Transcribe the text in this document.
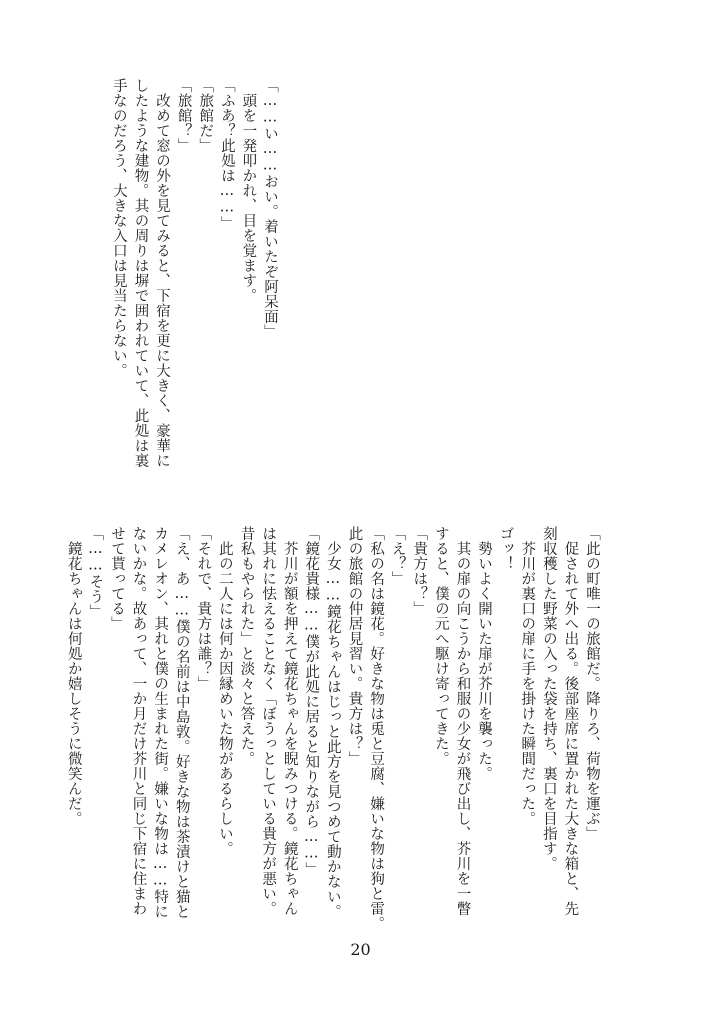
「……い……おい。着いたぞ阿呆面」
　頭を一発叩かれ、目を覚ます。
「ふあ？此処は……」
「旅館だ」
「旅館？」
　改めて窓の外を見てみると、下宿を更に大きく、豪華に
したような建物。其の周りは塀で囲われていて、此処は裏
手なのだろう、大きな入口は見当たらない。
「此の町唯一の旅館だ。降りろ、荷物を運ぶ」
　促されて外へ出る。後部座席に置かれた大きな箱と、先
刻収穫した野菜の入った袋を持ち、裏口を目指す。
　芥川が裏口の扉に手を掛けた瞬間だった。
ゴッ！
　勢いよく開いた扉が芥川を襲った。
　其の扉の向こうから和服の少女が飛び出し、芥川を一瞥
すると、僕の元へ駆け寄ってきた。
「貴方は？」
「え？」
「私の名は鏡花。好きな物は兎と豆腐、嫌いな物は狗と雷。
此の旅館の仲居見習い。貴方は？」
　少女……鏡花ちゃんはじっと此方を見つめて動かない。
「鏡花貴様……僕が此処に居ると知りながら……」
　芥川が額を押えて鏡花ちゃんを睨みつける。鏡花ちゃん
は其れに怯えることなく「ぼうっとしている貴方が悪い。
昔私もやられた」と淡々と答えた。
　此の二人には何か因縁めいた物があるらしい。
「それで、貴方は誰？」
「え、あ……僕の名前は中島敦。好きな物は茶漬けと猫と
カメレオン、其れと僕の生まれた街。嫌いな物は……特に
ないかな。故あって、一か月だけ芥川と同じ下宿に住まわ
せて貰ってる」
「……そう」
　鏡花ちゃんは何処か嬉しそうに微笑んだ。
20
